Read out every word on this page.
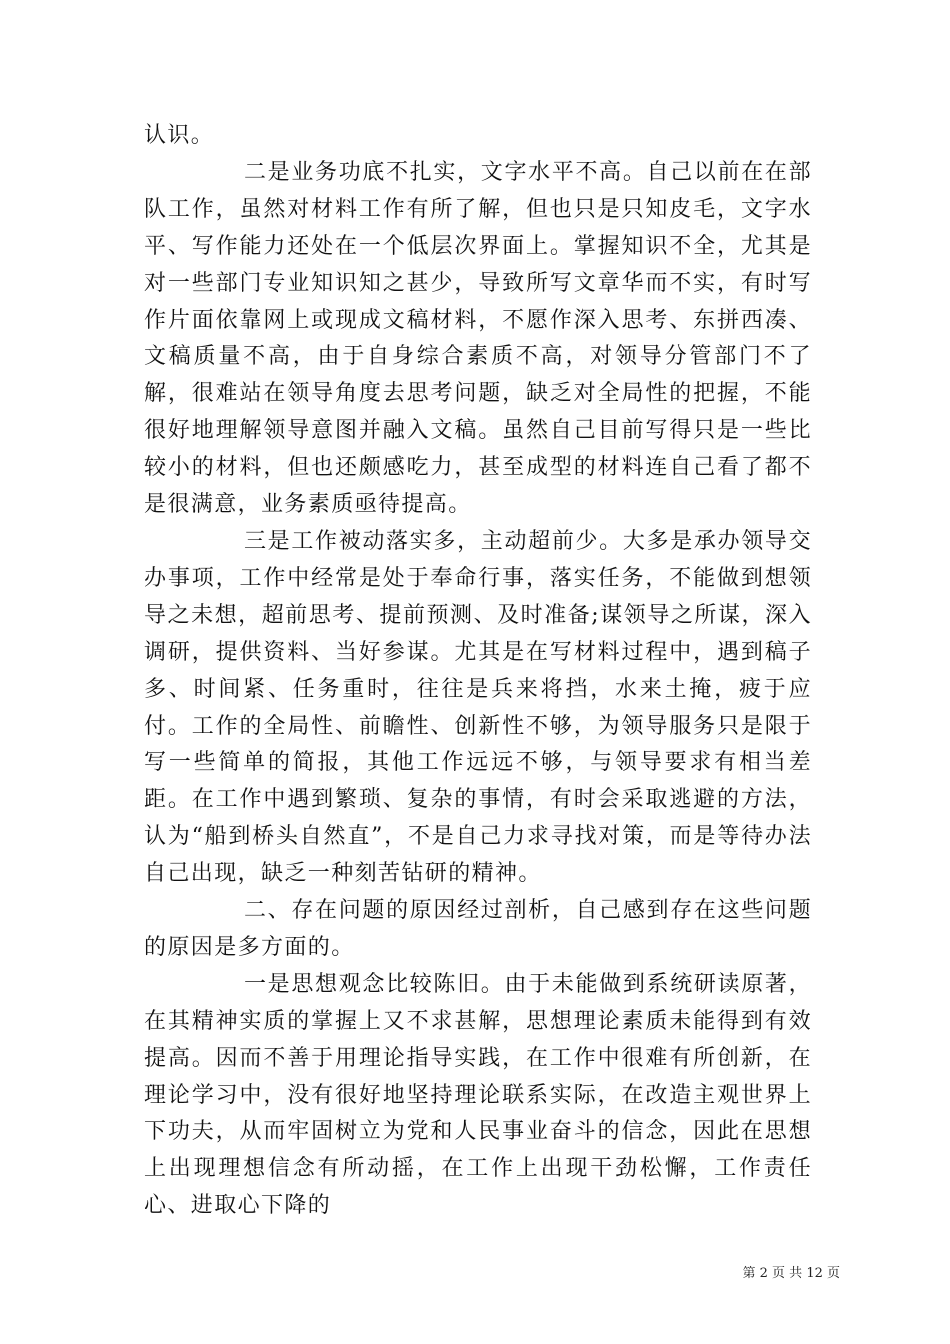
认识。

二是业务功底不扎实，文字水平不高。自己以前在在部队工作，虽然对材料工作有所了解，但也只是只知皮毛，文字水平、写作能力还处在一个低层次界面上。掌握知识不全，尤其是对一些部门专业知识知之甚少，导致所写文章华而不实，有时写作片面依靠网上或现成文稿材料，不愿作深入思考、东拼西凑、文稿质量不高，由于自身综合素质不高，对领导分管部门不了解，很难站在领导角度去思考问题，缺乏对全局性的把握，不能很好地理解领导意图并融入文稿。虽然自己目前写得只是一些比较小的材料，但也还颇感吃力，甚至成型的材料连自己看了都不是很满意，业务素质亟待提高。

三是工作被动落实多，主动超前少。大多是承办领导交办事项，工作中经常是处于奉命行事，落实任务，不能做到想领导之未想，超前思考、提前预测、及时准备;谋领导之所谋，深入调研，提供资料、当好参谋。尤其是在写材料过程中，遇到稿子多、时间紧、任务重时，往往是兵来将挡，水来土掩，疲于应付。工作的全局性、前瞻性、创新性不够，为领导服务只是限于写一些简单的简报，其他工作远远不够，与领导要求有相当差距。在工作中遇到繁琐、复杂的事情，有时会采取逃避的方法，认为“船到桥头自然直”，不是自己力求寻找对策，而是等待办法自己出现，缺乏一种刻苦钻研的精神。

二、存在问题的原因经过剖析，自己感到存在这些问题的原因是多方面的。

一是思想观念比较陈旧。由于未能做到系统研读原著，在其精神实质的掌握上又不求甚解，思想理论素质未能得到有效提高。因而不善于用理论指导实践，在工作中很难有所创新，在理论学习中，没有很好地坚持理论联系实际，在改造主观世界上下功夫，从而牢固树立为党和人民事业奋斗的信念，因此在思想上出现理想信念有所动摇，在工作上出现干劲松懈，工作责任心、进取心下降的

第 2 页 共 12 页
